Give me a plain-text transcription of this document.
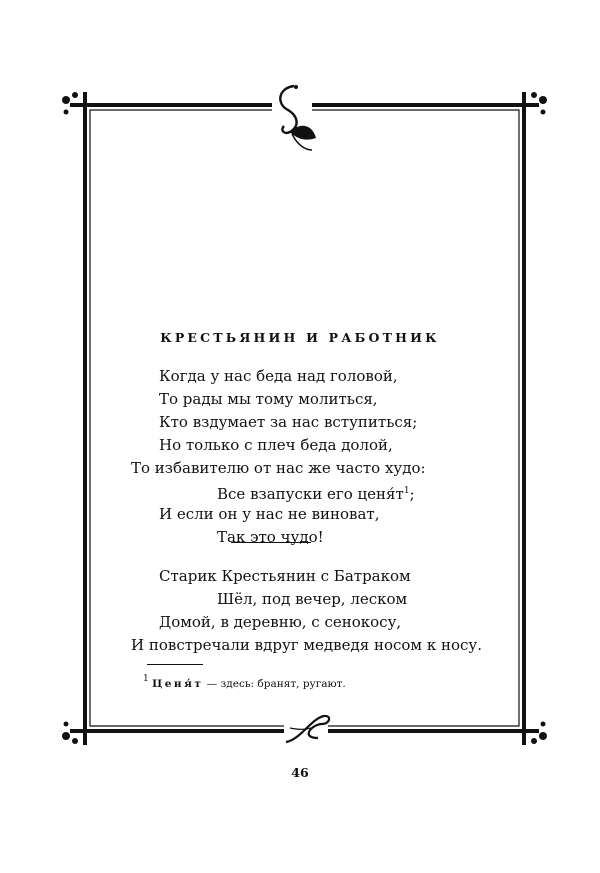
КРЕСТЬЯНИН И РАБОТНИК
Когда у нас беда над головой,
То рады мы тому молиться,
Кто вздумает за нас вступиться;
Но только с плеч беда долой,
То избавителю от нас же часто худо:
Все взапуски его ценя́т$^1$;
И если он у нас не виноват,
Так это чудо!
Старик Крестьянин с Батраком
Шёл, под вечер, леском
Домой, в деревню, с сенокосу,
И повстречали вдруг медведя носом к носу.
$^1$ Ценя́т — здесь: бранят, ругают.
46
